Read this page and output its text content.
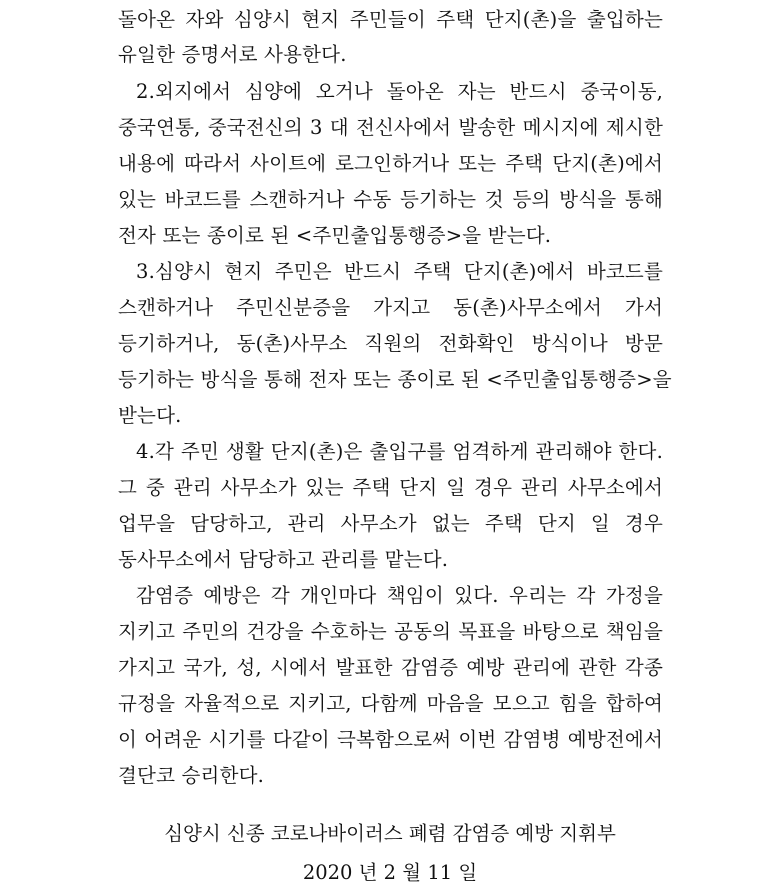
돌아온 자와 심양시 현지 주민들이 주택 단지(촌)을 출입하는
유일한 증명서로 사용한다.
2.외지에서 심양에 오거나 돌아온 자는 반드시 중국이동,
중국연통, 중국전신의 3 대 전신사에서 발송한 메시지에 제시한
내용에 따라서 사이트에 로그인하거나 또는 주택 단지(촌)에서
있는 바코드를 스캔하거나 수동 등기하는 것 등의 방식을 통해
전자 또는 종이로 된 <주민출입통행증>을 받는다.
3.심양시 현지 주민은 반드시 주택 단지(촌)에서 바코드를
스캔하거나 주민신분증을 가지고 동(촌)사무소에서 가서
등기하거나, 동(촌)사무소 직원의 전화확인 방식이나 방문
등기하는 방식을 통해 전자 또는 종이로 된 <주민출입통행증>을
받는다.
4.각 주민 생활 단지(촌)은 출입구를 엄격하게 관리해야 한다.
그 중 관리 사무소가 있는 주택 단지 일 경우 관리 사무소에서
업무을 담당하고, 관리 사무소가 없는 주택 단지 일 경우
동사무소에서 담당하고 관리를 맡는다.
감염증 예방은 각 개인마다 책임이 있다. 우리는 각 가정을
지키고 주민의 건강을 수호하는 공동의 목표을 바탕으로 책임을
가지고 국가, 성, 시에서 발표한 감염증 예방 관리에 관한 각종
규정을 자율적으로 지키고, 다함께 마음을 모으고 힘을 합하여
이 어려운 시기를 다같이 극복함으로써 이번 감염병 예방전에서
결단코 승리한다.
심양시 신종 코로나바이러스 폐렴 감염증 예방 지휘부
2020 년 2 월 11 일
